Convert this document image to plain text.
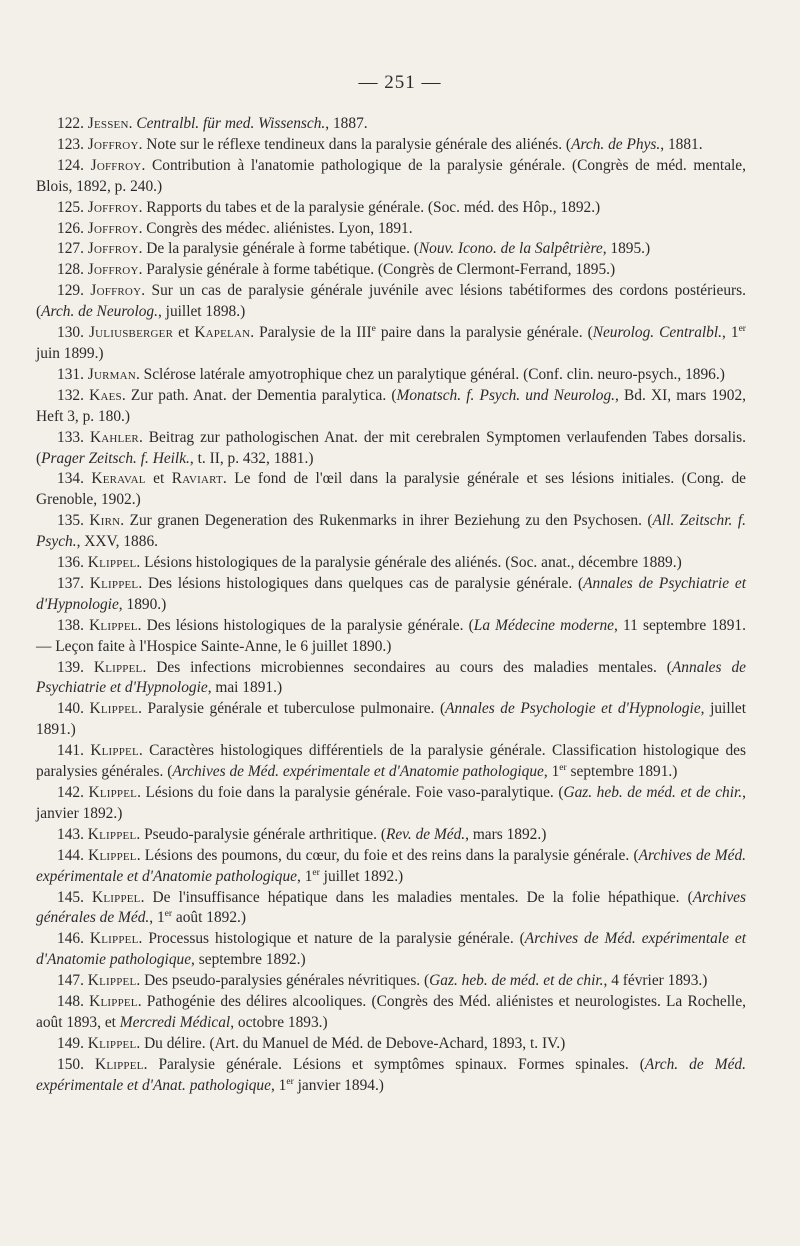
— 251 —

122. Jessen. Centralbl. für med. Wissensch., 1887.

123. Joffroy. Note sur le réflexe tendineux dans la paralysie générale des aliénés. (Arch. de Phys., 1881.

124. Joffroy. Contribution à l'anatomie pathologique de la paralysie générale. (Congrès de méd. mentale, Blois, 1892, p. 240.)

125. Joffroy. Rapports du tabes et de la paralysie générale. (Soc. méd. des Hôp., 1892.)

126. Joffroy. Congrès des médec. aliénistes. Lyon, 1891.

127. Joffroy. De la paralysie générale à forme tabétique. (Nouv. Icono. de la Salpêtrière, 1895.)

128. Joffroy. Paralysie générale à forme tabétique. (Congrès de Clermont-Ferrand, 1895.)

129. Joffroy. Sur un cas de paralysie générale juvénile avec lésions tabétiformes des cordons postérieurs. (Arch. de Neurolog., juillet 1898.)

130. Juliusberger et Kapelan. Paralysie de la IIIe paire dans la paralysie générale. (Neurolog. Centralbl., 1er juin 1899.)

131. Jurman. Sclérose latérale amyotrophique chez un paralytique général. (Conf. clin. neuro-psych., 1896.)

132. Kaes. Zur path. Anat. der Dementia paralytica. (Monatsch. f. Psych. und Neurolog., Bd. XI, mars 1902, Heft 3, p. 180.)

133. Kahler. Beitrag zur pathologischen Anat. der mit cerebralen Symptomen verlaufenden Tabes dorsalis. (Prager Zeitsch. f. Heilk., t. II, p. 432, 1881.)

134. Keraval et Raviart. Le fond de l'œil dans la paralysie générale et ses lésions initiales. (Cong. de Grenoble, 1902.)

135. Kirn. Zur granen Degeneration des Rukenmarks in ihrer Beziehung zu den Psychosen. (All. Zeitschr. f. Psych., XXV, 1886.

136. Klippel. Lésions histologiques de la paralysie générale des aliénés. (Soc. anat., décembre 1889.)

137. Klippel. Des lésions histologiques dans quelques cas de paralysie générale. (Annales de Psychiatrie et d'Hypnologie, 1890.)

138. Klippel. Des lésions histologiques de la paralysie générale. (La Médecine moderne, 11 septembre 1891. — Leçon faite à l'Hospice Sainte-Anne, le 6 juillet 1890.)

139. Klippel. Des infections microbiennes secondaires au cours des maladies mentales. (Annales de Psychiatrie et d'Hypnologie, mai 1891.)

140. Klippel. Paralysie générale et tuberculose pulmonaire. (Annales de Psychologie et d'Hypnologie, juillet 1891.)

141. Klippel. Caractères histologiques différentiels de la paralysie générale. Classification histologique des paralysies générales. (Archives de Méd. expérimentale et d'Anatomie pathologique, 1er septembre 1891.)

142. Klippel. Lésions du foie dans la paralysie générale. Foie vaso-paralytique. (Gaz. heb. de méd. et de chir., janvier 1892.)

143. Klippel. Pseudo-paralysie générale arthritique. (Rev. de Méd., mars 1892.)

144. Klippel. Lésions des poumons, du cœur, du foie et des reins dans la paralysie générale. (Archives de Méd. expérimentale et d'Anatomie pathologique, 1er juillet 1892.)

145. Klippel. De l'insuffisance hépatique dans les maladies mentales. De la folie hépathique. (Archives générales de Méd., 1er août 1892.)

146. Klippel. Processus histologique et nature de la paralysie générale. (Archives de Méd. expérimentale et d'Anatomie pathologique, septembre 1892.)

147. Klippel. Des pseudo-paralysies générales névritiques. (Gaz. heb. de méd. et de chir., 4 février 1893.)

148. Klippel. Pathogénie des délires alcooliques. (Congrès des Méd. aliénistes et neurologistes. La Rochelle, août 1893, et Mercredi Médical, octobre 1893.)

149. Klippel. Du délire. (Art. du Manuel de Méd. de Debove-Achard, 1893, t. IV.)

150. Klippel. Paralysie générale. Lésions et symptômes spinaux. Formes spinales. (Arch. de Méd. expérimentale et d'Anat. pathologique, 1er janvier 1894.)
